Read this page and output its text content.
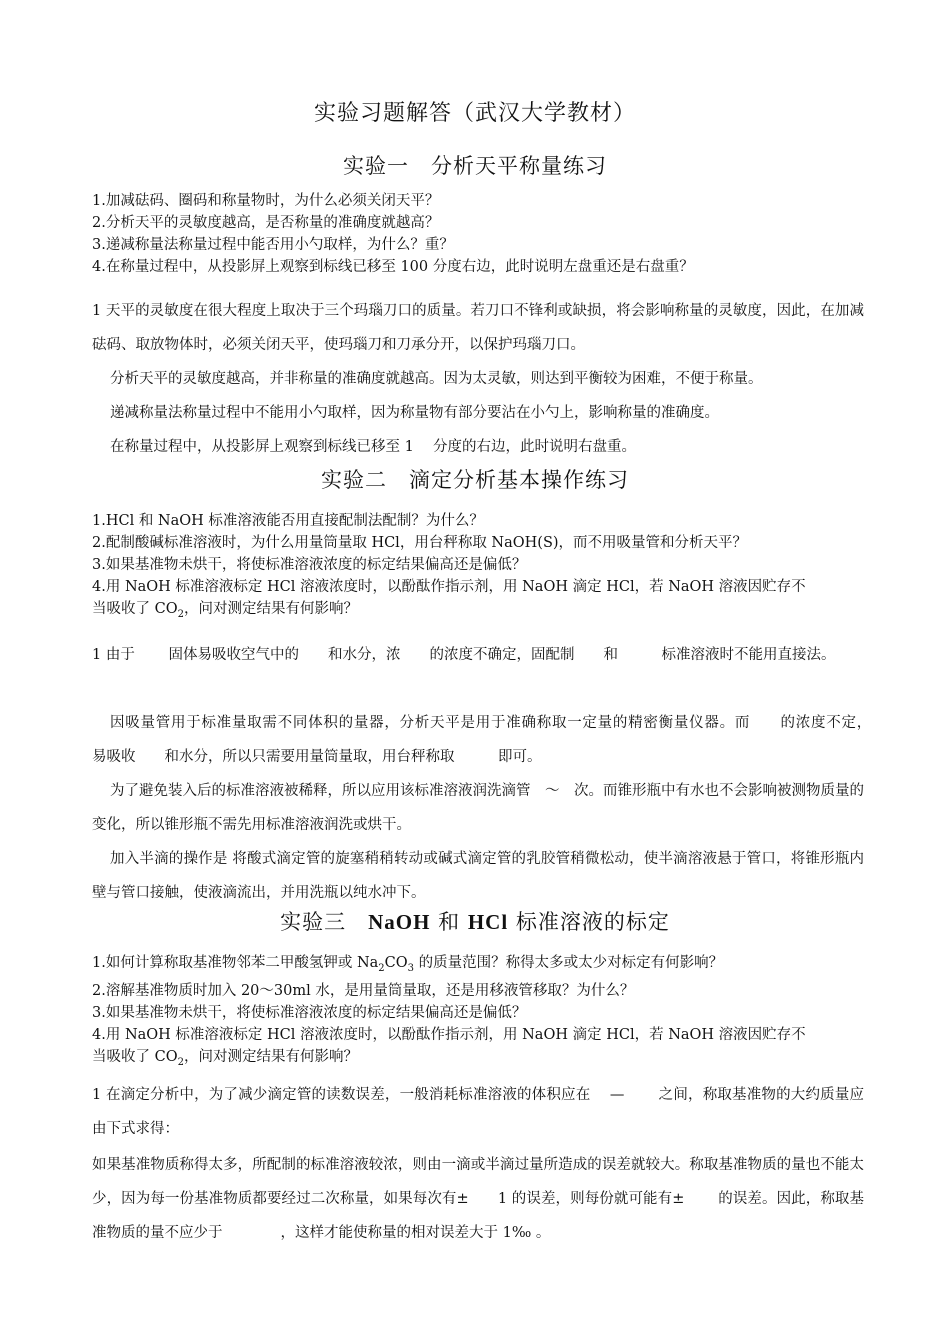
实验习题解答（武汉大学教材）
实验一　分析天平称量练习
1.加减砝码、圈码和称量物时，为什么必须关闭天平？
2.分析天平的灵敏度越高，是否称量的准确度就越高？
3.递减称量法称量过程中能否用小勺取样，为什么？重？
4.在称量过程中，从投影屏上观察到标线已移至 100 分度右边，此时说明左盘重还是右盘重？
1 天平的灵敏度在很大程度上取决于三个玛瑙刀口的质量。若刀口不锋利或缺损，将会影响称量的灵敏度，因此，在加减砝码、取放物体时，必须关闭天平，使玛瑙刀和刀承分开，以保护玛瑙刀口。
分析天平的灵敏度越高，并非称量的准确度就越高。因为太灵敏，则达到平衡较为困难，不便于称量。
递减称量法称量过程中不能用小勺取样，因为称量物有部分要沾在小勺上，影响称量的准确度。
在称量过程中，从投影屏上观察到标线已移至 1　 分度的右边，此时说明右盘重。
实验二　滴定分析基本操作练习
1.HCl 和 NaOH 标准溶液能否用直接配制法配制？为什么？
2.配制酸碱标准溶液时，为什么用量筒量取 HCl，用台秤称取 NaOH(S)，而不用吸量管和分析天平？
3.如果基准物未烘干，将使标准溶液浓度的标定结果偏高还是偏低？
4.用 NaOH 标准溶液标定 HCl 溶液浓度时，以酚酞作指示剂，用 NaOH 滴定 HCl，若 NaOH 溶液因贮存不
当吸收了 $CO_2$，问对测定结果有何影响？
1 由于　　 固体易吸收空气中的　　和水分，浓　　的浓度不确定，固配制　　和　　　标准溶液时不能用直接法。
因吸量管用于标准量取需不同体积的量器，分析天平是用于准确称取一定量的精密衡量仪器。而　　的浓度不定，　　　易吸收　　和水分，所以只需要用量筒量取，用台秤称取　　　即可。
为了避免装入后的标准溶液被稀释，所以应用该标准溶液润洗滴管　～　次。而锥形瓶中有水也不会影响被测物质量的变化，所以锥形瓶不需先用标准溶液润洗或烘干。
加入半滴的操作是 将酸式滴定管的旋塞稍稍转动或碱式滴定管的乳胶管稍微松动，使半滴溶液悬于管口，将锥形瓶内壁与管口接触，使液滴流出，并用洗瓶以纯水冲下。
实验三　NaOH 和 HCl 标准溶液的标定
1.如何计算称取基准物邻苯二甲酸氢钾或 $Na_2CO_3$ 的质量范围？称得太多或太少对标定有何影响？
2.溶解基准物质时加入 20～30ml 水，是用量筒量取，还是用移液管移取？为什么？
3.如果基准物未烘干，将使标准溶液浓度的标定结果偏高还是偏低？
4.用 NaOH 标准溶液标定 HCl 溶液浓度时，以酚酞作指示剂，用 NaOH 滴定 HCl，若 NaOH 溶液因贮存不
当吸收了 $CO_2$，问对测定结果有何影响？
1 在滴定分析中，为了减少滴定管的读数误差，一般消耗标准溶液的体积应在　 —　　 之间，称取基准物的大约质量应由下式求得：
如果基准物质称得太多，所配制的标准溶液较浓，则由一滴或半滴过量所造成的误差就较大。称取基准物质的量也不能太少，因为每一份基准物质都要经过二次称量，如果每次有±　　1 的误差，则每份就可能有±　　 的误差。因此，称取基准物质的量不应少于　　　　，这样才能使称量的相对误差大于 1‰ 。
